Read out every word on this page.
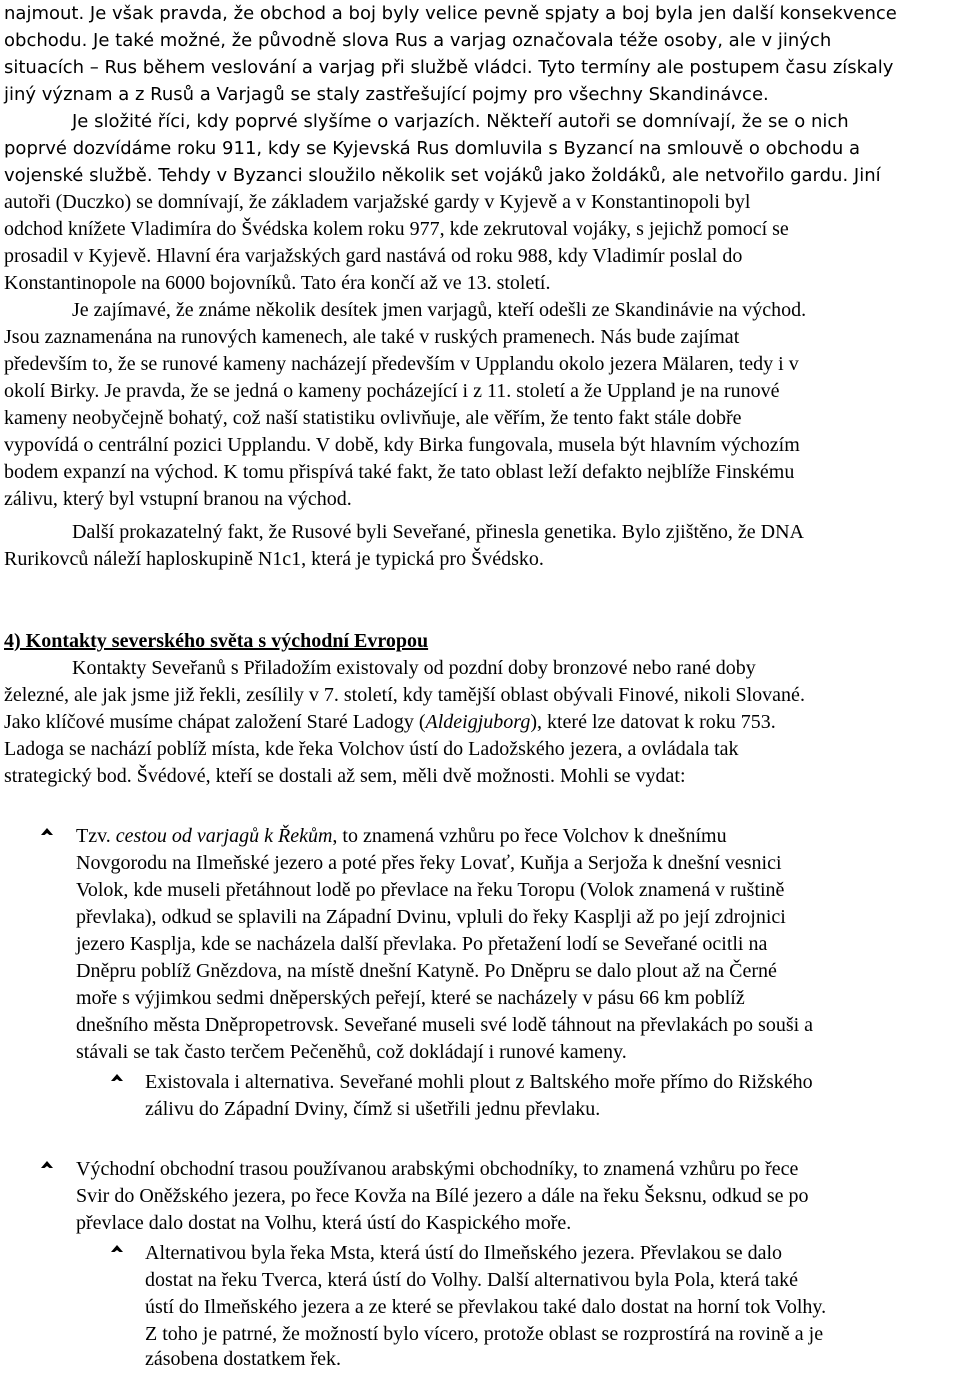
najmout. Je však pravda, že obchod a boj byly velice pevně spjaty a boj byla jen další konsekvence
obchodu. Je také možné, že původně slova Rus a varjag označovala téže osoby, ale v jiných
situacích – Rus během veslování a varjag při službě vládci. Tyto termíny ale postupem času získaly
jiný význam a z Rusů a Varjagů se staly zastřešující pojmy pro všechny Skandinávce.
Je složité říci, kdy poprvé slyšíme o varjazích. Někteří autoři se domnívají, že se o nich
poprvé dozvídáme roku 911, kdy se Kyjevská Rus domluvila s Byzancí na smlouvě o obchodu a
vojenské službě. Tehdy v Byzanci sloužilo několik set vojáků jako žoldáků, ale netvořilo gardu. Jiní
autoři (Duczko) se domnívají, že základem varjažské gardy v Kyjevě a v Konstantinopoli byl
odchod knížete Vladimíra do Švédska kolem roku 977, kde zekrutoval vojáky, s jejichž pomocí se
prosadil v Kyjevě. Hlavní éra varjažských gard nastává od roku 988, kdy Vladimír poslal do
Konstantinopole na 6000 bojovníků. Tato éra končí až ve 13. století.
Je zajímavé, že známe několik desítek jmen varjagů, kteří odešli ze Skandinávie na východ.
Jsou zaznamenána na runových kamenech, ale také v ruských pramenech. Nás bude zajímat
především to, že se runové kameny nacházejí především v Upplandu okolo jezera Mälaren, tedy i v
okolí Birky. Je pravda, že se jedná o kameny pocházející i z 11. století a že Uppland je na runové
kameny neobyčejně bohatý, což naší statistiku ovlivňuje, ale věřím, že tento fakt stále dobře
vypovídá o centrální pozici Upplandu. V době, kdy Birka fungovala, musela být hlavním výchozím
bodem expanzí na východ. K tomu přispívá také fakt, že tato oblast leží defakto nejblíže Finskému
zálivu, který byl vstupní branou na východ.
Další prokazatelný fakt, že Rusové byli Seveřané, přinesla genetika. Bylo zjištěno, že DNA
Rurikovců náleží haploskupině N1c1, která je typická pro Švédsko.
4) Kontakty severského světa s východní Evropou
Kontakty Seveřanů s Přiladožím existovaly od pozdní doby bronzové nebo rané doby
železné, ale jak jsme již řekli, zesílily v 7. století, kdy tamější oblast obývali Finové, nikoli Slované.
Jako klíčové musíme chápat založení Staré Ladogy (Aldeigjuborg), které lze datovat k roku 753.
Ladoga se nachází poblíž místa, kde řeka Volchov ústí do Ladožského jezera, a ovládala tak
strategický bod. Švédové, kteří se dostali až sem, měli dvě možnosti. Mohli se vydat:
Tzv. cestou od varjagů k Řekům, to znamená vzhůru po řece Volchov k dnešnímu
Novgorodu na Ilmeňské jezero a poté přes řeky Lovať, Kuňja a Serjoža k dnešní vesnici
Volok, kde museli přetáhnout lodě po převlace na řeku Toropu (Volok znamená v ruštině
převlaka), odkud se splavili na Západní Dvinu, vpluli do řeky Kasplji až po její zdrojnici
jezero Kasplja, kde se nacházela další převlaka. Po přetažení lodí se Seveřané ocitli na
Dněpru poblíž Gnězdova, na místě dnešní Katyně. Po Dněpru se dalo plout až na Černé
moře s výjimkou sedmi dněperských peřejí, které se nacházely v pásu 66 km poblíž
dnešního města Dněpropetrovsk. Seveřané museli své lodě táhnout na převlakách po souši a
stávali se tak často terčem Pečeněhů, což dokládají i runové kameny.
Existovala i alternativa. Seveřané mohli plout z Baltského moře přímo do Rižského
zálivu do Západní Dviny, čímž si ušetřili jednu převlaku.
Východní obchodní trasou používanou arabskými obchodníky, to znamená vzhůru po řece
Svir do Oněžského jezera, po řece Kovža na Bílé jezero a dále na řeku Šeksnu, odkud se po
převlace dalo dostat na Volhu, která ústí do Kaspického moře.
Alternativou byla řeka Msta, která ústí do Ilmeňského jezera. Převlakou se dalo
dostat na řeku Tverca, která ústí do Volhy. Další alternativou byla Pola, která také
ústí do Ilmeňského jezera a ze které se převlakou také dalo dostat na horní tok Volhy.
Z toho je patrné, že možností bylo vícero, protože oblast se rozprostírá na rovině a je
zásobena dostatkem řek.
